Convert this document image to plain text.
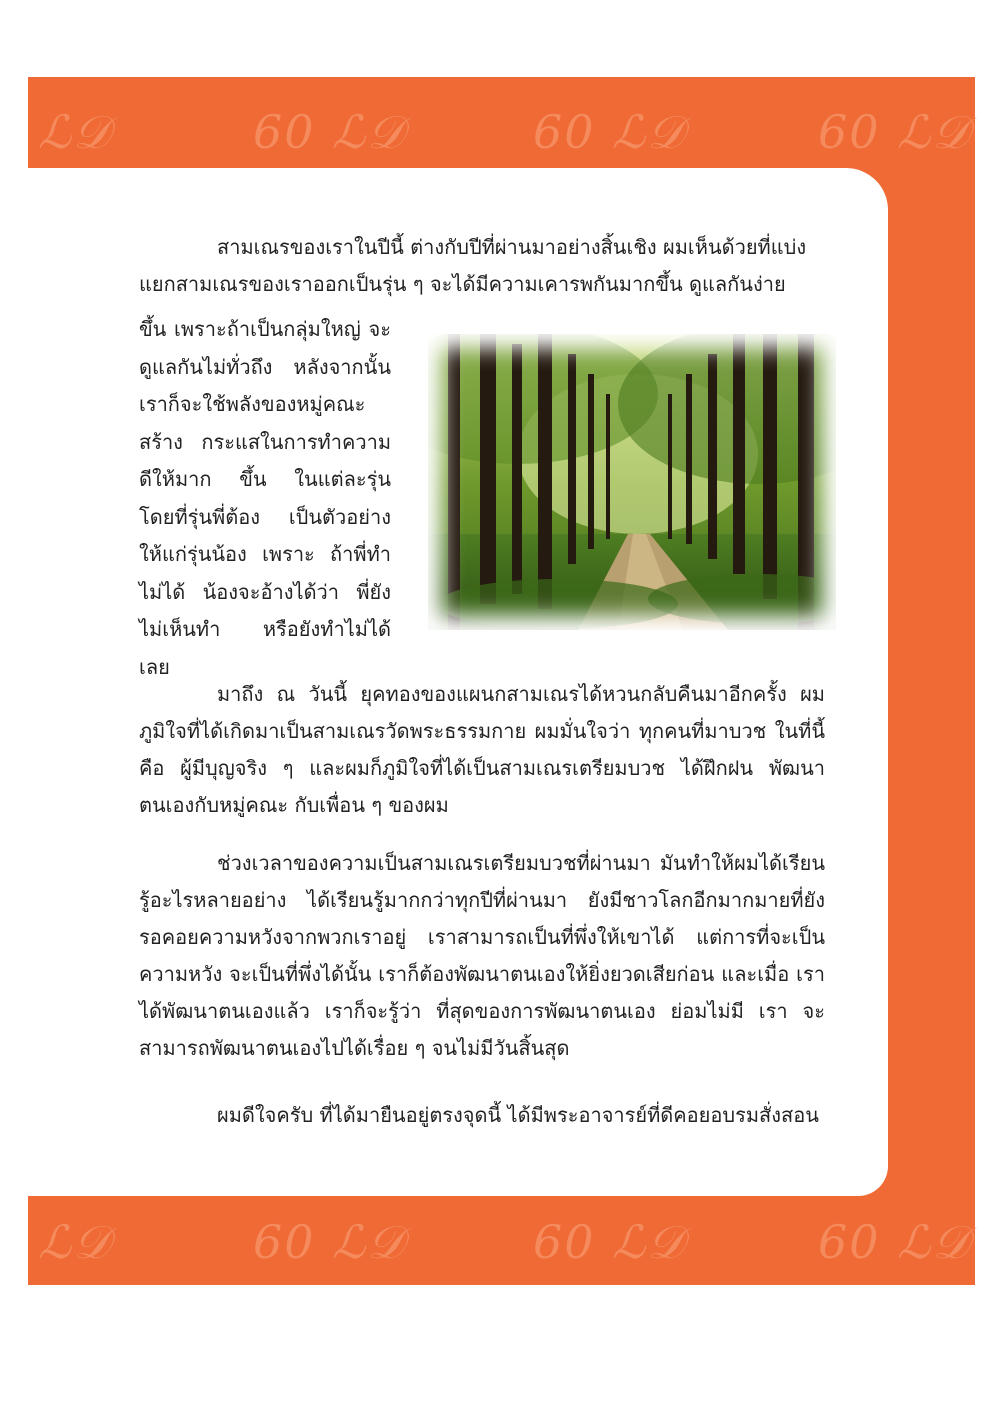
ℒ𝒟	60 ℒ𝒟	60 ℒ𝒟	60 ℒ𝒟
ℒ𝒟	60 ℒ𝒟	60 ℒ𝒟	60 ℒ𝒟

สามเณรของเราในปีนี้ ต่างกับปีที่ผ่านมาอย่างสิ้นเชิง ผมเห็นด้วยที่แบ่ง

แยกสามเณรของเราออกเป็นรุ่น ๆ จะได้มีความเคารพกันมากขึ้น ดูแลกันง่าย

ขึ้น เพราะถ้าเป็นกลุ่มใหญ่ จะดูแลกันไม่ทั่วถึง หลังจากนั้น เราก็จะใช้พลังของหมู่คณะสร้าง กระแสในการทำความดีให้มาก ขึ้น ในแต่ละรุ่น โดยที่รุ่นพี่ต้อง เป็นตัวอย่างให้แก่รุ่นน้อง เพราะ ถ้าพี่ทำไม่ได้ น้องจะอ้างได้ว่า พี่ยังไม่เห็นทำ หรือยังทำไม่ได้ เลย

มาถึง ณ วันนี้ ยุคทองของแผนกสามเณรได้หวนกลับคืนมาอีกครั้ง ผมภูมิใจที่ได้เกิดมาเป็นสามเณรวัดพระธรรมกาย ผมมั่นใจว่า ทุกคนที่มาบวช ในที่นี้คือ ผู้มีบุญจริง ๆ และผมก็ภูมิใจที่ได้เป็นสามเณรเตรียมบวช ได้ฝึกฝน พัฒนาตนเองกับหมู่คณะ กับเพื่อน ๆ ของผม

ช่วงเวลาของความเป็นสามเณรเตรียมบวชที่ผ่านมา มันทำให้ผมได้เรียน รู้อะไรหลายอย่าง ได้เรียนรู้มากกว่าทุกปีที่ผ่านมา ยังมีชาวโลกอีกมากมายที่ยัง รอคอยความหวังจากพวกเราอยู่ เราสามารถเป็นที่พึ่งให้เขาได้ แต่การที่จะเป็น ความหวัง จะเป็นที่พึ่งได้นั้น เราก็ต้องพัฒนาตนเองให้ยิ่งยวดเสียก่อน และเมื่อ เราได้พัฒนาตนเองแล้ว เราก็จะรู้ว่า ที่สุดของการพัฒนาตนเอง ย่อมไม่มี เรา จะสามารถพัฒนาตนเองไปได้เรื่อย ๆ จนไม่มีวันสิ้นสุด

ผมดีใจครับ ที่ได้มายืนอยู่ตรงจุดนี้ ได้มีพระอาจารย์ที่ดีคอยอบรมสั่งสอน
